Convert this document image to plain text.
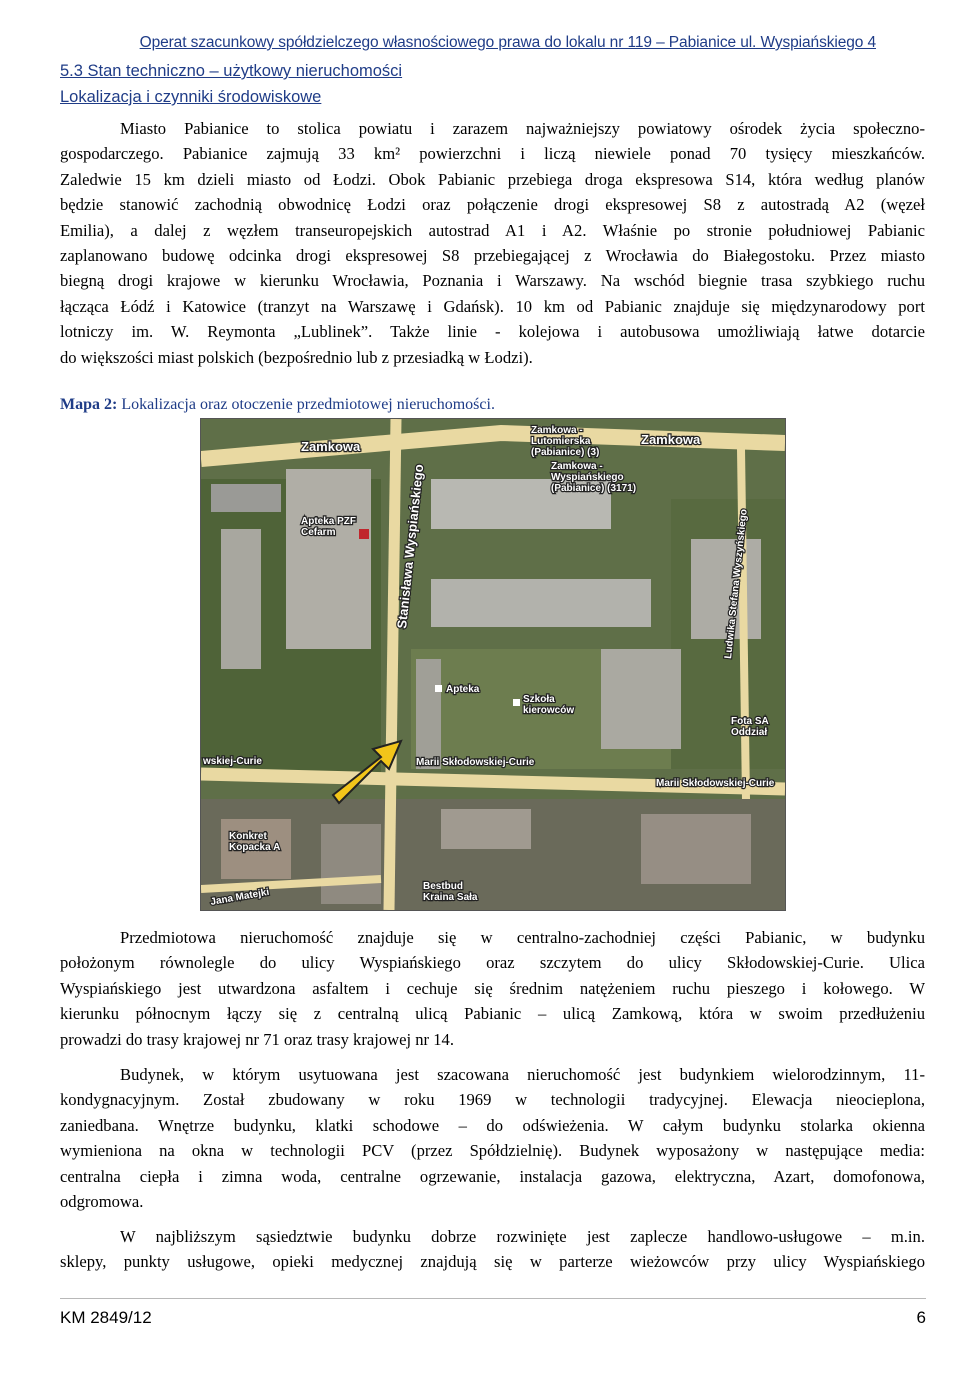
Operat szacunkowy spółdzielczego własnościowego prawa do lokalu nr 119 – Pabianice ul. Wyspiańskiego 4
5.3 Stan techniczno – użytkowy nieruchomości
Lokalizacja i czynniki środowiskowe
Miasto Pabianice to stolica powiatu i zarazem najważniejszy powiatowy ośrodek życia społeczno-
gospodarczego. Pabianice zajmują 33 km² powierzchni i liczą niewiele ponad 70 tysięcy mieszkańców.
Zaledwie 15 km dzieli miasto od Łodzi. Obok Pabianic przebiega droga ekspresowa S14, która według planów
będzie stanowić zachodnią obwodnicę Łodzi oraz połączenie drogi ekspresowej S8 z autostradą A2 (węzeł
Emilia), a dalej z węzłem transeuropejskich autostrad A1 i A2. Właśnie po stronie południowej Pabianic
zaplanowano budowę odcinka drogi ekspresowej S8 przebiegającej z Wrocławia do Białegostoku. Przez miasto
biegną drogi krajowe w kierunku Wrocławia, Poznania i Warszawy. Na wschód biegnie trasa szybkiego ruchu
łącząca Łódź i Katowice (tranzyt na Warszawę i Gdańsk). 10 km od Pabianic znajduje się międzynarodowy port
lotniczy im. W. Reymonta „Lublinek”. Także linie - kolejowa i autobusowa umożliwiają łatwe dotarcie
do większości miast polskich (bezpośrednio lub z przesiadką w Łodzi).
Mapa 2: Lokalizacja oraz otoczenie przedmiotowej nieruchomości.
Zamkowa	Zamkowa
Zamkowa -
Lutomierska
(Pabianice) (3)
Zamkowa -
Wyspiańskiego
(Pabianice) (3171)
Stanisława Wyspiańskiego
Apteka PZF
Cefarm
Apteka
Szkoła
kierowców
Fota SA
Oddział
Marii Skłodowskiej-Curie
Marii Skłodowskiej-Curie
wskiej-Curie
Konkret
Kopacka A
Jana Matejki
Bestbud
Kraina Sała
Ludwika Stefana Wyszyńskiego
Przedmiotowa nieruchomość znajduje się w centralno-zachodniej części Pabianic, w budynku
położonym równolegle do ulicy Wyspiańskiego oraz szczytem do ulicy Skłodowskiej-Curie. Ulica
Wyspiańskiego jest utwardzona asfaltem i cechuje się średnim natężeniem ruchu pieszego i kołowego. W
kierunku północnym łączy się z centralną ulicą Pabianic – ulicą Zamkową, która w swoim przedłużeniu
prowadzi do trasy krajowej nr 71 oraz trasy krajowej nr 14.
Budynek, w którym usytuowana jest szacowana nieruchomość jest budynkiem wielorodzinnym, 11-
kondygnacyjnym. Został zbudowany w roku 1969 w technologii tradycyjnej. Elewacja nieocieplona,
zaniedbana. Wnętrze budynku, klatki schodowe – do odświeżenia. W całym budynku stolarka okienna
wymieniona na okna w technologii PCV (przez Spółdzielnię). Budynek wyposażony w następujące media:
centralna ciepła i zimna woda, centralne ogrzewanie, instalacja gazowa, elektryczna, Azart, domofonowa,
odgromowa.
W najbliższym sąsiedztwie budynku dobrze rozwinięte jest zaplecze handlowo-usługowe – m.in.
sklepy, punkty usługowe, opieki medycznej znajdują się w parterze wieżowców przy ulicy Wyspiańskiego
KM 2849/12	6
